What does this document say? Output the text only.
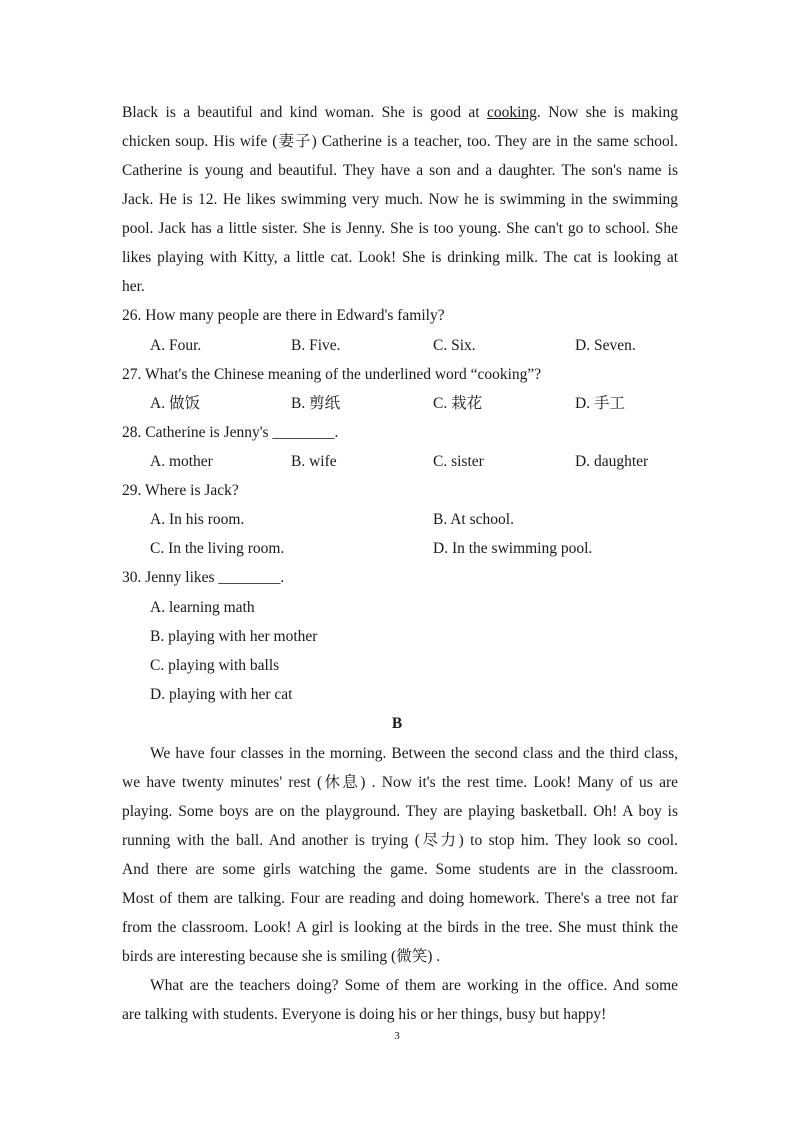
Black is a beautiful and kind woman. She is good at cooking. Now she is making
chicken soup. His wife (妻子) Catherine is a teacher, too. They are in the same school.
Catherine is young and beautiful. They have a son and a daughter. The son's name is
Jack. He is 12. He likes swimming very much. Now he is swimming in the swimming
pool. Jack has a little sister. She is Jenny. She is too young. She can't go to school. She
likes playing with Kitty, a little cat. Look! She is drinking milk. The cat is looking at
her.
26. How many people are there in Edward's family?
A. Four.	B. Five.	C. Six.	D. Seven.
27. What's the Chinese meaning of the underlined word “cooking”?
A. 做饭	B. 剪纸	C. 栽花	D. 手工
28. Catherine is Jenny's ________.
A. mother	B. wife	C. sister	D. daughter
29. Where is Jack?
A. In his room.	B. At school.
C. In the living room.	D. In the swimming pool.
30. Jenny likes ________.
A. learning math
B. playing with her mother
C. playing with balls
D. playing with her cat
B
We have four classes in the morning. Between the second class and the third class,
we have twenty minutes' rest (休息) . Now it's the rest time. Look! Many of us are
playing. Some boys are on the playground. They are playing basketball. Oh! A boy is
running with the ball. And another is trying (尽力) to stop him. They look so cool.
And there are some girls watching the game. Some students are in the classroom.
Most of them are talking. Four are reading and doing homework. There's a tree not far
from the classroom. Look! A girl is looking at the birds in the tree. She must think the
birds are interesting because she is smiling (微笑) .
What are the teachers doing? Some of them are working in the office. And some
are talking with students. Everyone is doing his or her things, busy but happy!
3
